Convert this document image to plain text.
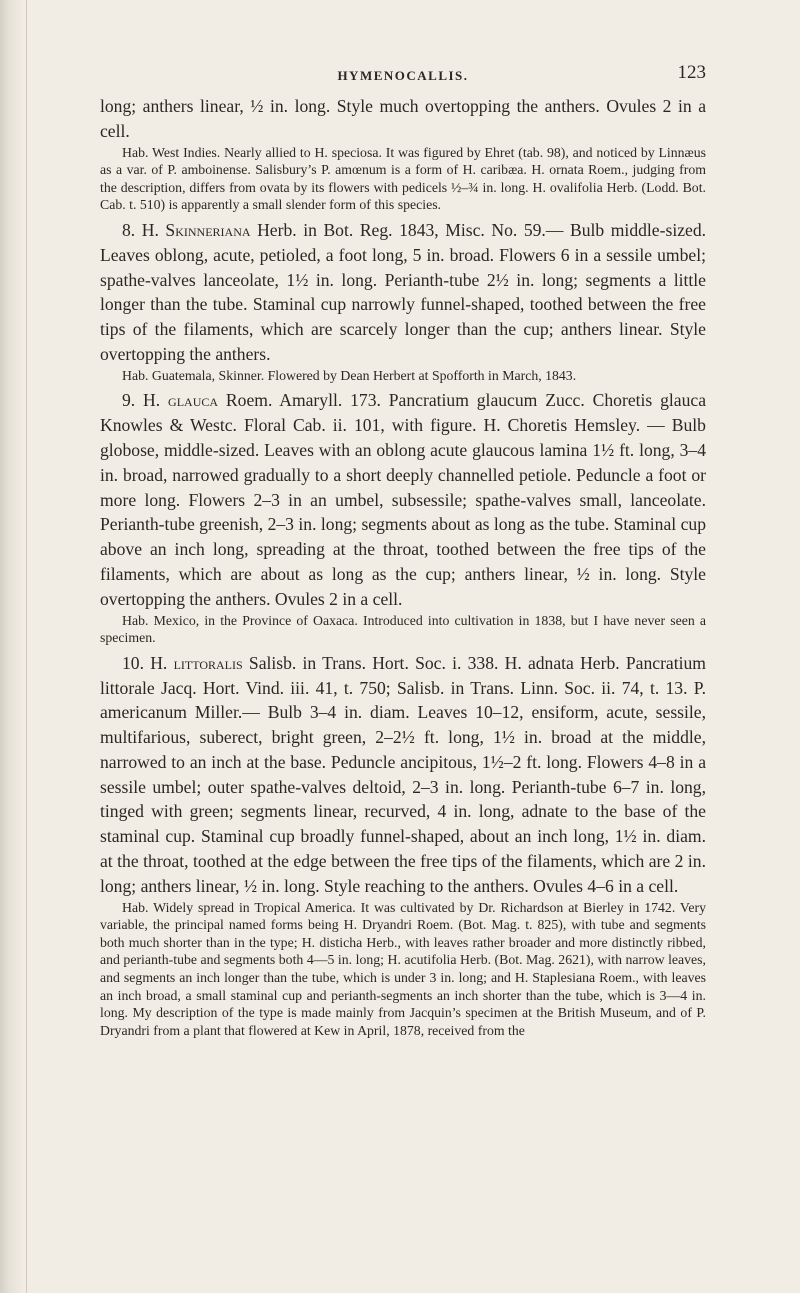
HYMENOCALLIS.	123

long; anthers linear, ½ in. long. Style much overtopping the anthers. Ovules 2 in a cell.

Hab. West Indies. Nearly allied to H. speciosa. It was figured by Ehret (tab. 98), and noticed by Linnæus as a var. of P. amboinense. Salisbury’s P. amœnum is a form of H. caribæa. H. ornata Roem., judging from the description, differs from ovata by its flowers with pedicels ½–¾ in. long. H. ovalifolia Herb. (Lodd. Bot. Cab. t. 510) is apparently a small slender form of this species.

8. H. Skinneriana Herb. in Bot. Reg. 1843, Misc. No. 59.— Bulb middle-sized. Leaves oblong, acute, petioled, a foot long, 5 in. broad. Flowers 6 in a sessile umbel; spathe-valves lanceolate, 1½ in. long. Perianth-tube 2½ in. long; segments a little longer than the tube. Staminal cup narrowly funnel-shaped, toothed between the free tips of the filaments, which are scarcely longer than the cup; anthers linear. Style overtopping the anthers.

Hab. Guatemala, Skinner. Flowered by Dean Herbert at Spofforth in March, 1843.

9. H. glauca Roem. Amaryll. 173. Pancratium glaucum Zucc. Choretis glauca Knowles & Westc. Floral Cab. ii. 101, with figure. H. Choretis Hemsley. — Bulb globose, middle-sized. Leaves with an oblong acute glaucous lamina 1½ ft. long, 3–4 in. broad, narrowed gradually to a short deeply channelled petiole. Peduncle a foot or more long. Flowers 2–3 in an umbel, subsessile; spathe-valves small, lanceolate. Perianth-tube greenish, 2–3 in. long; segments about as long as the tube. Staminal cup above an inch long, spreading at the throat, toothed between the free tips of the filaments, which are about as long as the cup; anthers linear, ½ in. long. Style overtopping the anthers. Ovules 2 in a cell.

Hab. Mexico, in the Province of Oaxaca. Introduced into cultivation in 1838, but I have never seen a specimen.

10. H. littoralis Salisb. in Trans. Hort. Soc. i. 338. H. adnata Herb. Pancratium littorale Jacq. Hort. Vind. iii. 41, t. 750; Salisb. in Trans. Linn. Soc. ii. 74, t. 13. P. americanum Miller.— Bulb 3–4 in. diam. Leaves 10–12, ensiform, acute, sessile, multifarious, suberect, bright green, 2–2½ ft. long, 1½ in. broad at the middle, narrowed to an inch at the base. Peduncle ancipitous, 1½–2 ft. long. Flowers 4–8 in a sessile umbel; outer spathe-valves deltoid, 2–3 in. long. Perianth-tube 6–7 in. long, tinged with green; segments linear, recurved, 4 in. long, adnate to the base of the staminal cup. Staminal cup broadly funnel-shaped, about an inch long, 1½ in. diam. at the throat, toothed at the edge between the free tips of the filaments, which are 2 in. long; anthers linear, ½ in. long. Style reaching to the anthers. Ovules 4–6 in a cell.

Hab. Widely spread in Tropical America. It was cultivated by Dr. Richardson at Bierley in 1742. Very variable, the principal named forms being H. Dryandri Roem. (Bot. Mag. t. 825), with tube and segments both much shorter than in the type; H. disticha Herb., with leaves rather broader and more distinctly ribbed, and perianth-tube and segments both 4—5 in. long; H. acutifolia Herb. (Bot. Mag. 2621), with narrow leaves, and segments an inch longer than the tube, which is under 3 in. long; and H. Staplesiana Roem., with leaves an inch broad, a small staminal cup and perianth-segments an inch shorter than the tube, which is 3—4 in. long. My description of the type is made mainly from Jacquin’s specimen at the British Museum, and of P. Dryandri from a plant that flowered at Kew in April, 1878, received from the
